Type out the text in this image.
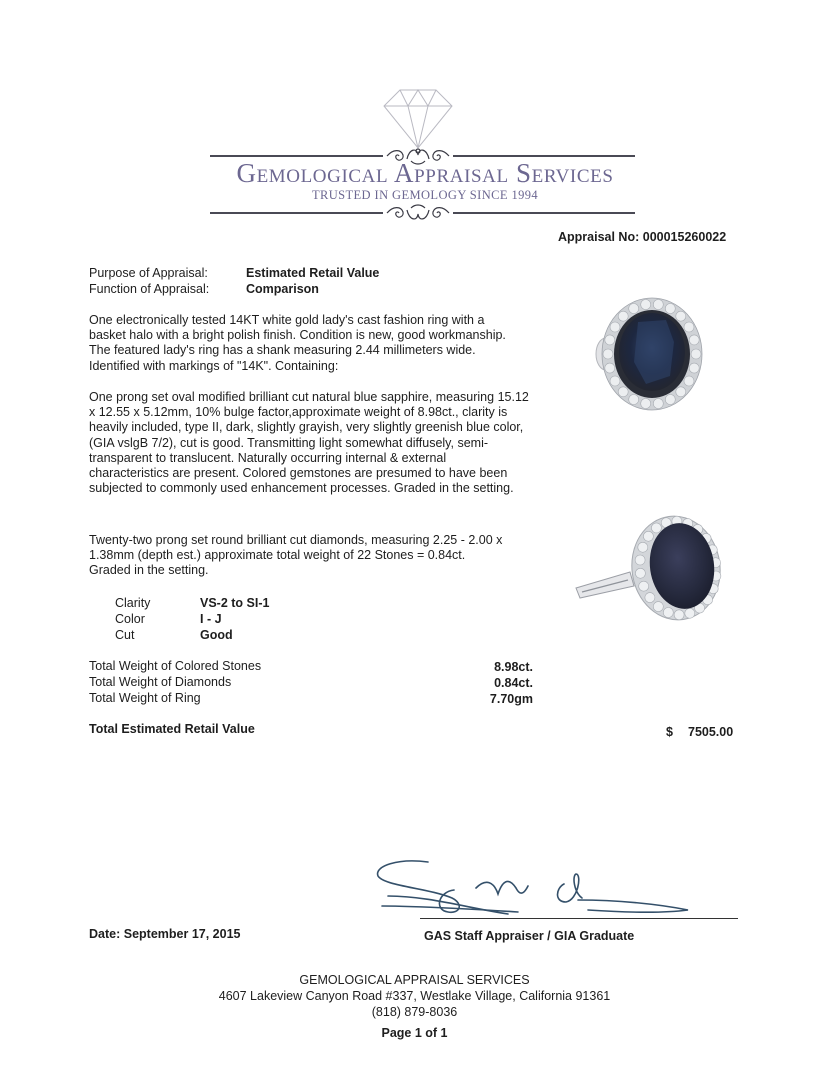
Gemological Appraisal Services
TRUSTED IN GEMOLOGY SINCE 1994
Appraisal No: 000015260022
Purpose of Appraisal:	Estimated Retail Value
Function of Appraisal:	Comparison
One electronically tested 14KT white gold lady's cast fashion ring with a basket halo with a bright polish finish. Condition is new, good workmanship. The featured lady's ring has a shank measuring 2.44 millimeters wide. Identified with markings of "14K". Containing:
One prong set oval modified brilliant cut natural blue sapphire, measuring 15.12 x 12.55 x 5.12mm, 10% bulge factor,approximate weight of 8.98ct., clarity is heavily included, type II, dark, slightly grayish, very slightly greenish blue color, (GIA vslgB 7/2), cut is good. Transmitting light somewhat diffusely, semi-transparent to translucent. Naturally occurring internal & external characteristics are present. Colored gemstones are presumed to have been subjected to commonly used enhancement processes. Graded in the setting.
Twenty-two prong set round brilliant cut diamonds, measuring 2.25 - 2.00 x 1.38mm (depth est.) approximate total weight of 22 Stones = 0.84ct. Graded in the setting.
Clarity	VS-2 to SI-1
Color	I - J
Cut	Good
Total Weight of Colored Stones	8.98ct.
Total Weight of Diamonds	0.84ct.
Total Weight of Ring	7.70gm
Total Estimated Retail Value	$ 7505.00
Date: September 17, 2015	GAS Staff Appraiser / GIA Graduate
GEMOLOGICAL APPRAISAL SERVICES
4607 Lakeview Canyon Road #337, Westlake Village, California 91361
(818) 879-8036
Page 1 of 1
